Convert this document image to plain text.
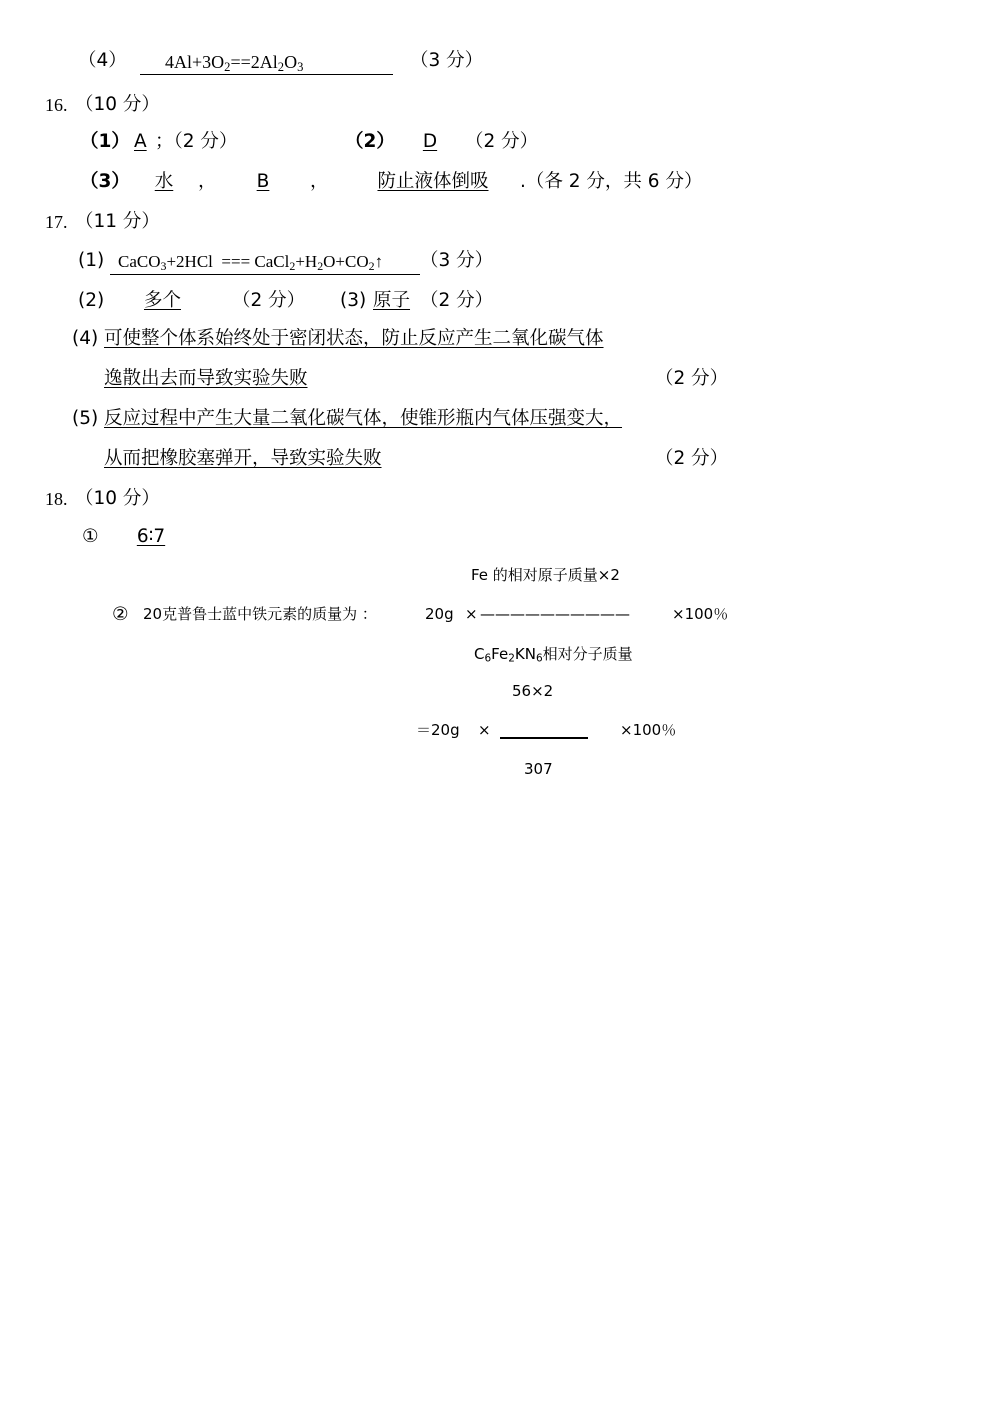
（4）	$4Al+3O_2==2Al_2O_3$	（3 分）
16. （10 分）
（1） A ；（2 分）	（2）	D	（2 分）
（3）	水	，	B	，	防止液体倒吸	.（各 2 分，共 6 分）
17. （11 分）
(1) CaCO$_3$+2HCl === $CaCl_2+H_2O+CO_2↑$	（3 分）
(2)	多个	（2 分） (3) 原子 （2 分）
(4) 可使整个体系始终处于密闭状态，防止反应产生二氧化碳气体
逸散出去而导致实验失败	（2 分）
(5) 反应过程中产生大量二氧化碳气体，使锥形瓶内气体压强变大，
从而把橡胶塞弹开，导致实验失败	（2 分）
18. （10 分）
①	6∶7
Fe 的相对原子质量×2
② 20克普鲁士蓝中铁元素的质量为 ：	20g × ——————————	×100％
$C_6Fe_2KN_6$相对分子质量
56×2
＝20g ×	×100％
307
